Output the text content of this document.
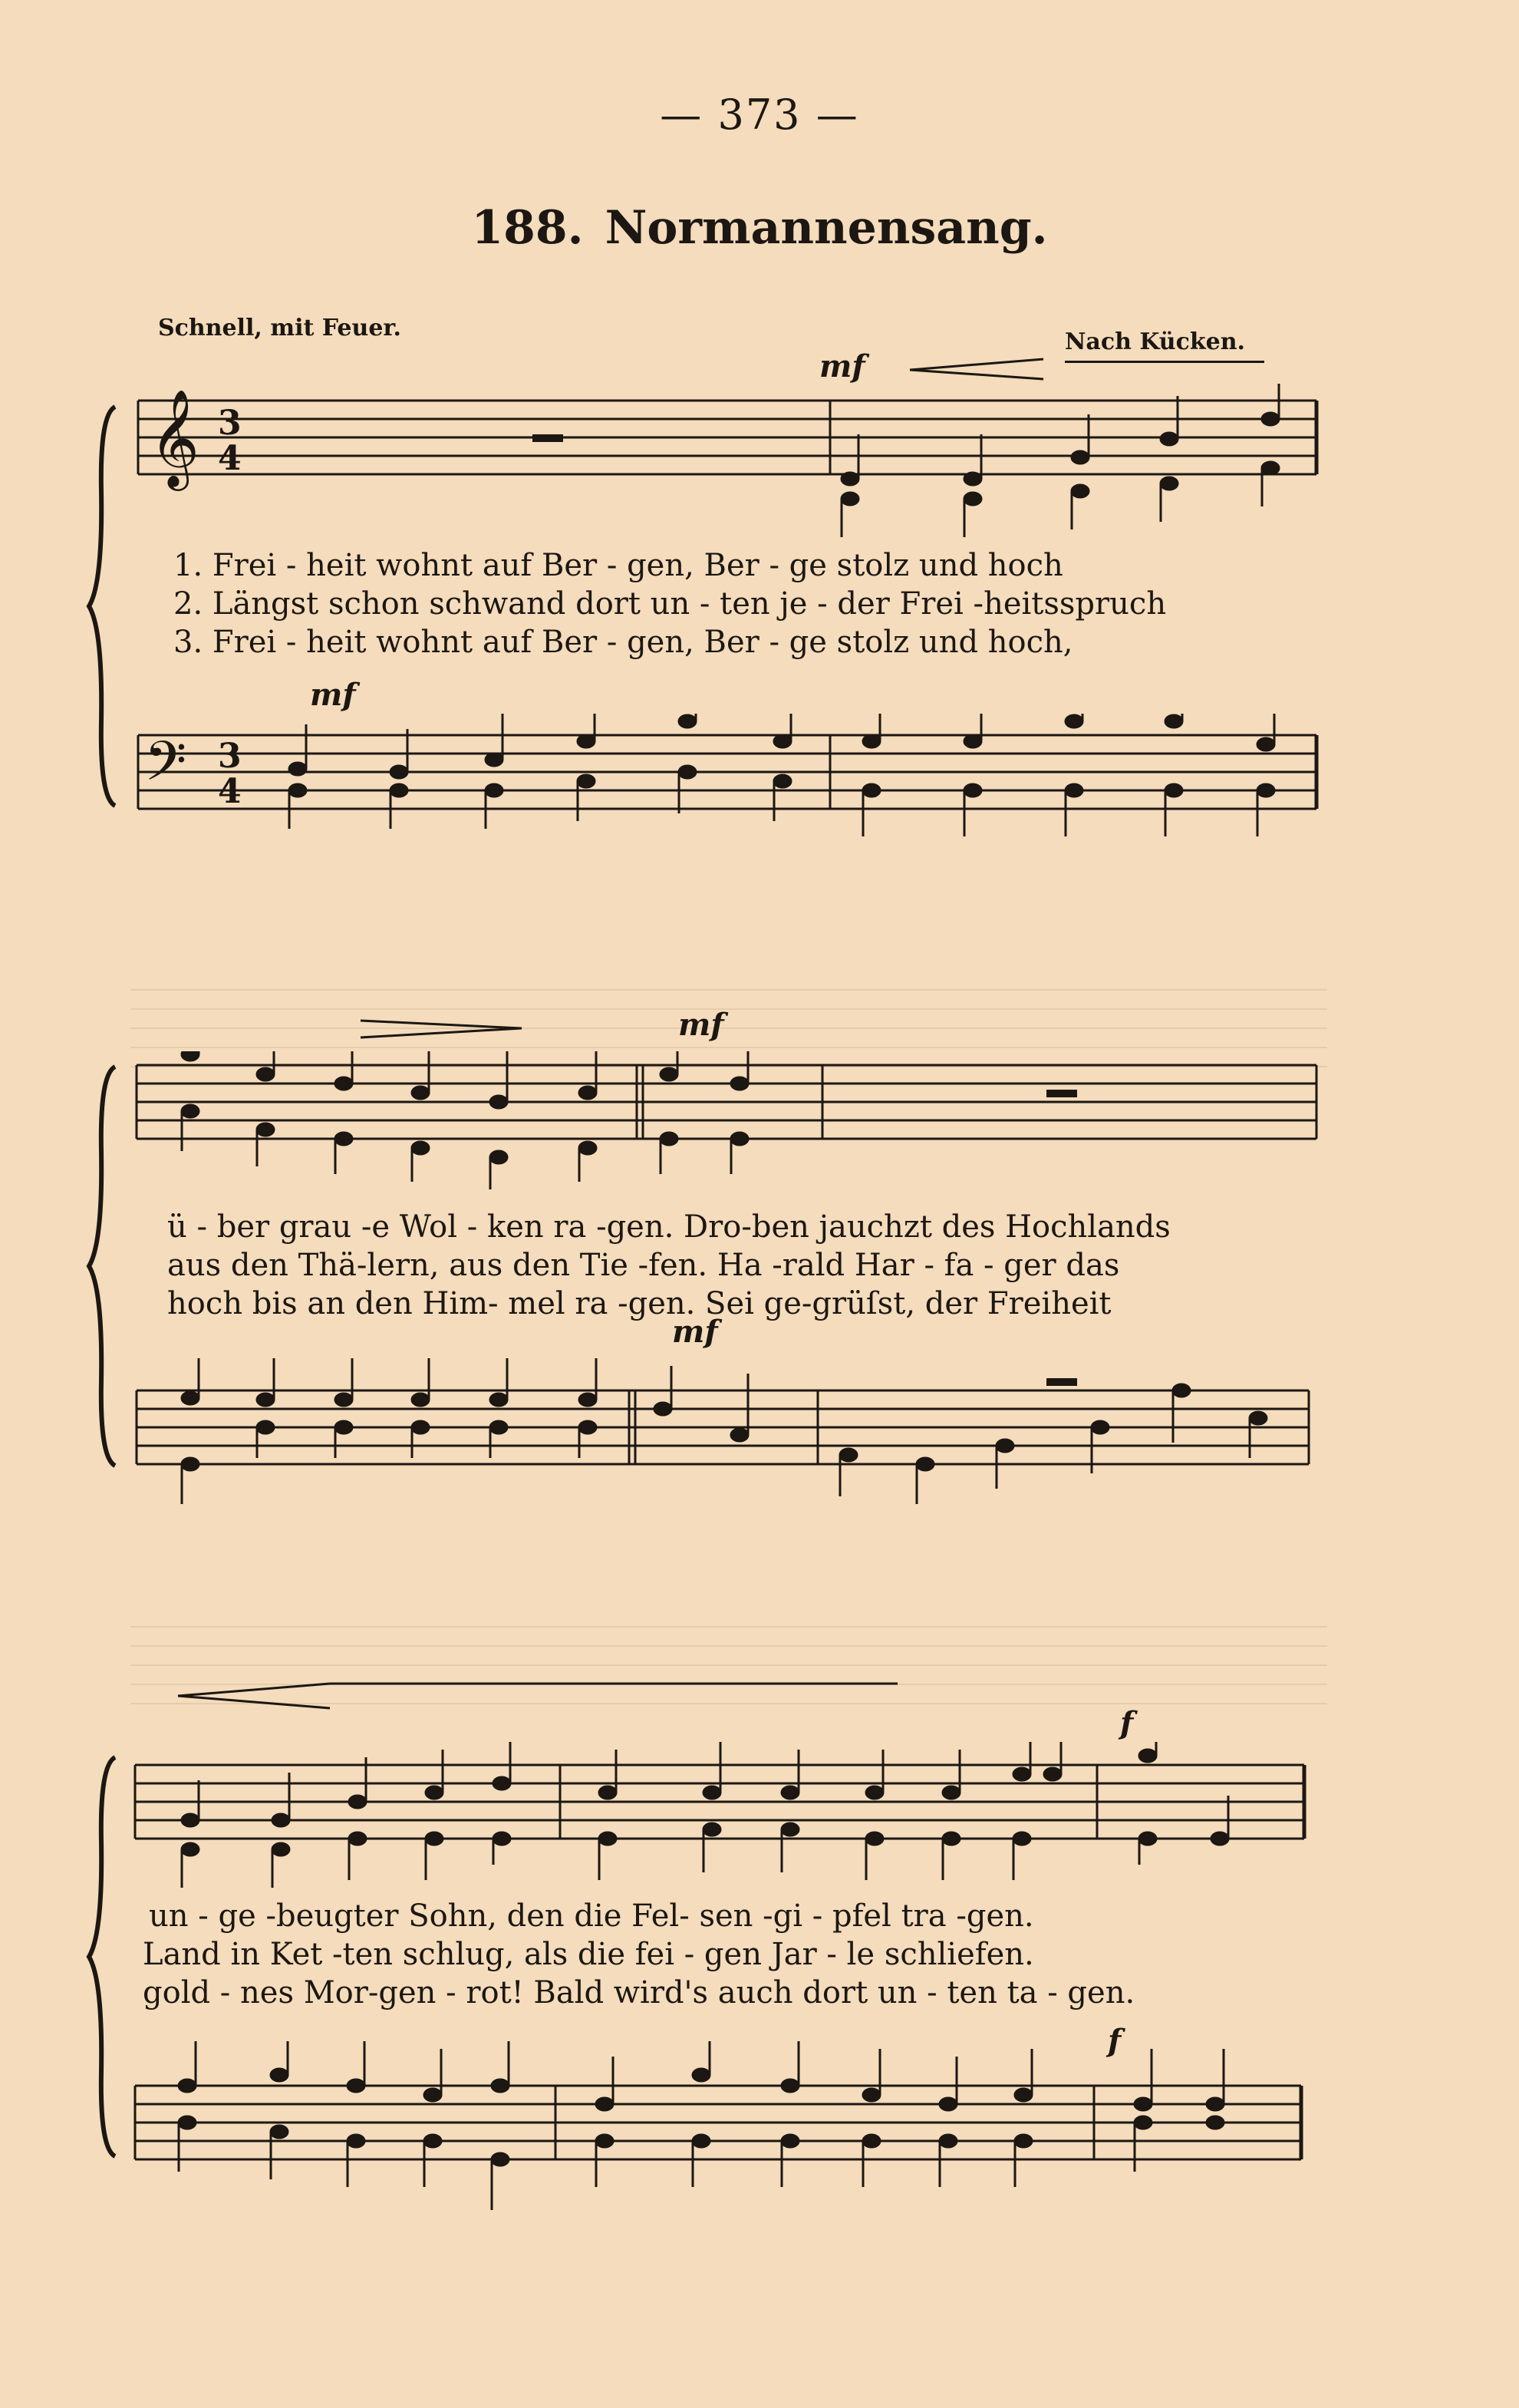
— 373 —
188. Normannensang.
Schnell, mit Feuer.
Nach Kücken.
mf
𝄞 3
4
1. Frei - heit wohnt auf Ber - gen, Ber - ge stolz und hoch
2. Längst schon schwand dort un - ten je - der Frei -heitsspruch
3. Frei - heit wohnt auf Ber - gen, Ber - ge stolz und hoch,
mf
𝄢 3
4
mf
ü - ber grau -e Wol - ken ra -gen. Dro-ben jauchzt des Hochlands
aus den Thä-lern, aus den Tie -fen. Ha -rald Har - fa - ger das
hoch bis an den Him- mel ra -gen. Sei ge-grüſst, der Freiheit
mf
f
un - ge -beugter Sohn, den die Fel- sen -gi - pfel tra -gen.
Land in Ket -ten schlug, als die fei - gen Jar - le schliefen.
gold - nes Mor-gen - rot! Bald wird's auch dort un - ten ta - gen.
f
